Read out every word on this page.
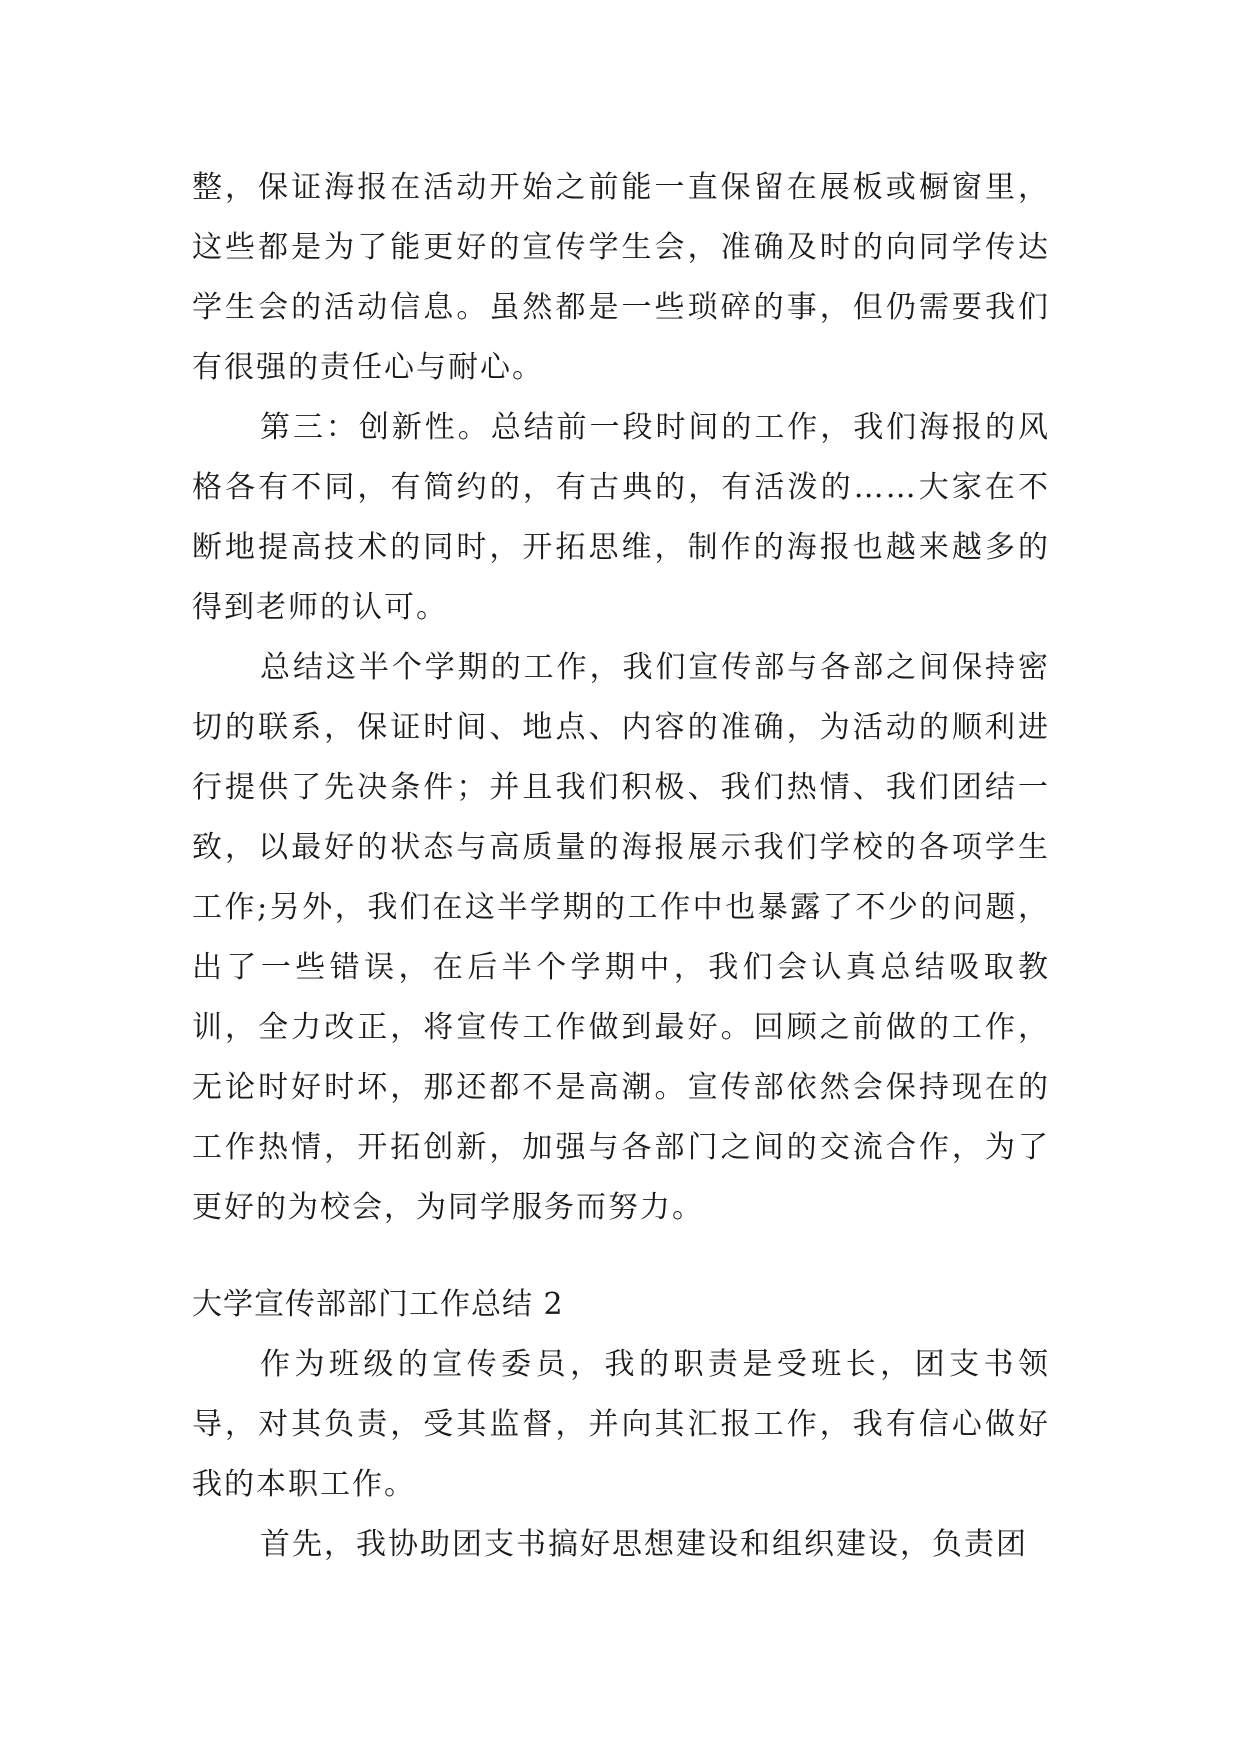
整，保证海报在活动开始之前能一直保留在展板或橱窗里，这些都是为了能更好的宣传学生会，准确及时的向同学传达学生会的活动信息。虽然都是一些琐碎的事，但仍需要我们有很强的责任心与耐心。

第三：创新性。总结前一段时间的工作，我们海报的风格各有不同，有简约的，有古典的，有活泼的……大家在不断地提高技术的同时，开拓思维，制作的海报也越来越多的得到老师的认可。

总结这半个学期的工作，我们宣传部与各部之间保持密切的联系，保证时间、地点、内容的准确，为活动的顺利进行提供了先决条件；并且我们积极、我们热情、我们团结一致，以最好的状态与高质量的海报展示我们学校的各项学生工作;另外，我们在这半学期的工作中也暴露了不少的问题，出了一些错误，在后半个学期中，我们会认真总结吸取教训，全力改正，将宣传工作做到最好。回顾之前做的工作，无论时好时坏，那还都不是高潮。宣传部依然会保持现在的工作热情，开拓创新，加强与各部门之间的交流合作，为了更好的为校会，为同学服务而努力。

大学宣传部部门工作总结 2

作为班级的宣传委员，我的职责是受班长，团支书领导，对其负责，受其监督，并向其汇报工作，我有信心做好我的本职工作。

首先，我协助团支书搞好思想建设和组织建设，负责团
